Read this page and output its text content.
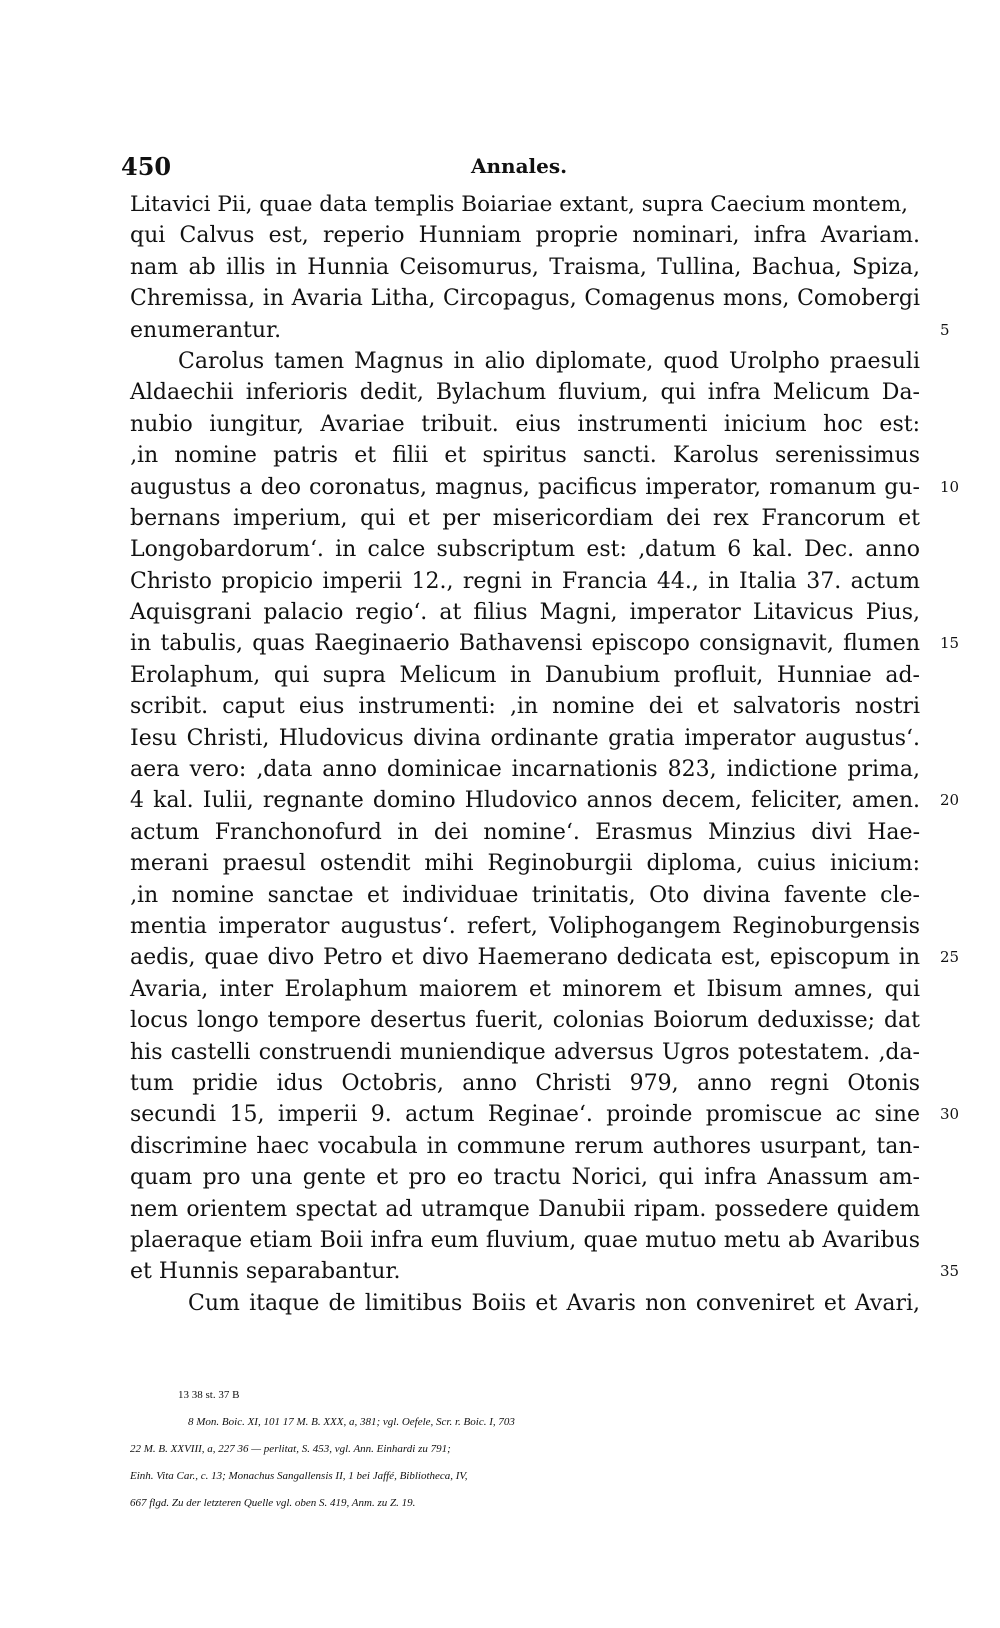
450	Annales.
Litavici Pii, quae data templis Boiariae extant, supra Caecium montem,
qui Calvus est, reperio Hunniam proprie nominari, infra Avariam.
nam ab illis in Hunnia Ceisomurus, Traisma, Tullina, Bachua, Spiza,
Chremissa, in Avaria Litha, Circopagus, Comagenus mons, Comobergi
enumerantur.	5
Carolus tamen Magnus in alio diplomate, quod Urolpho praesuli
Aldaechii inferioris dedit, Bylachum fluvium, qui infra Melicum Da-
nubio iungitur, Avariae tribuit. eius instrumenti inicium hoc est:
‚in nomine patris et filii et spiritus sancti. Karolus serenissimus
augustus a deo coronatus, magnus, pacificus imperator, romanum gu- 10
bernans imperium, qui et per misericordiam dei rex Francorum et
Longobardorum‘. in calce subscriptum est: ‚datum 6 kal. Dec. anno
Christo propicio imperii 12., regni in Francia 44., in Italia 37. actum
Aquisgrani palacio regio‘. at filius Magni, imperator Litavicus Pius,
in tabulis, quas Raeginaerio Bathavensi episcopo consignavit, flumen 15
Erolaphum, qui supra Melicum in Danubium profluit, Hunniae ad-
scribit. caput eius instrumenti: ‚in nomine dei et salvatoris nostri
Iesu Christi, Hludovicus divina ordinante gratia imperator augustus‘.
aera vero: ‚data anno dominicae incarnationis 823, indictione prima,
4 kal. Iulii, regnante domino Hludovico annos decem, feliciter, amen. 20
actum Franchonofurd in dei nomine‘. Erasmus Minzius divi Hae-
merani praesul ostendit mihi Reginoburgii diploma, cuius inicium:
‚in nomine sanctae et individuae trinitatis, Oto divina favente cle-
mentia imperator augustus‘. refert, Voliphogangem Reginoburgensis
aedis, quae divo Petro et divo Haemerano dedicata est, episcopum in 25
Avaria, inter Erolaphum maiorem et minorem et Ibisum amnes, qui
locus longo tempore desertus fuerit, colonias Boiorum deduxisse; dat
his castelli construendi muniendique adversus Ugros potestatem. ‚da-
tum pridie idus Octobris, anno Christi 979, anno regni Otonis
secundi 15, imperii 9. actum Reginae‘. proinde promiscue ac sine 30
discrimine haec vocabula in commune rerum authores usurpant, tan-
quam pro una gente et pro eo tractu Norici, qui infra Anassum am-
nem orientem spectat ad utramque Danubii ripam. possedere quidem
plaeraque etiam Boii infra eum fluvium, quae mutuo metu ab Avaribus
et Hunnis separabantur.	35
Cum itaque de limitibus Boiis et Avaris non conveniret et Avari,
13 38 st. 37 B
8 Mon. Boic. XI, 101 17 M. B. XXX, a, 381; vgl. Oefele, Scr. r. Boic. I, 703
22 M. B. XXVIII, a, 227 36 — perlitat, S. 453, vgl. Ann. Einhardi zu 791;
Einh. Vita Car., c. 13; Monachus Sangallensis II, 1 bei Jaffé, Bibliotheca, IV,
667 flgd. Zu der letzteren Quelle vgl. oben S. 419, Anm. zu Z. 19.
